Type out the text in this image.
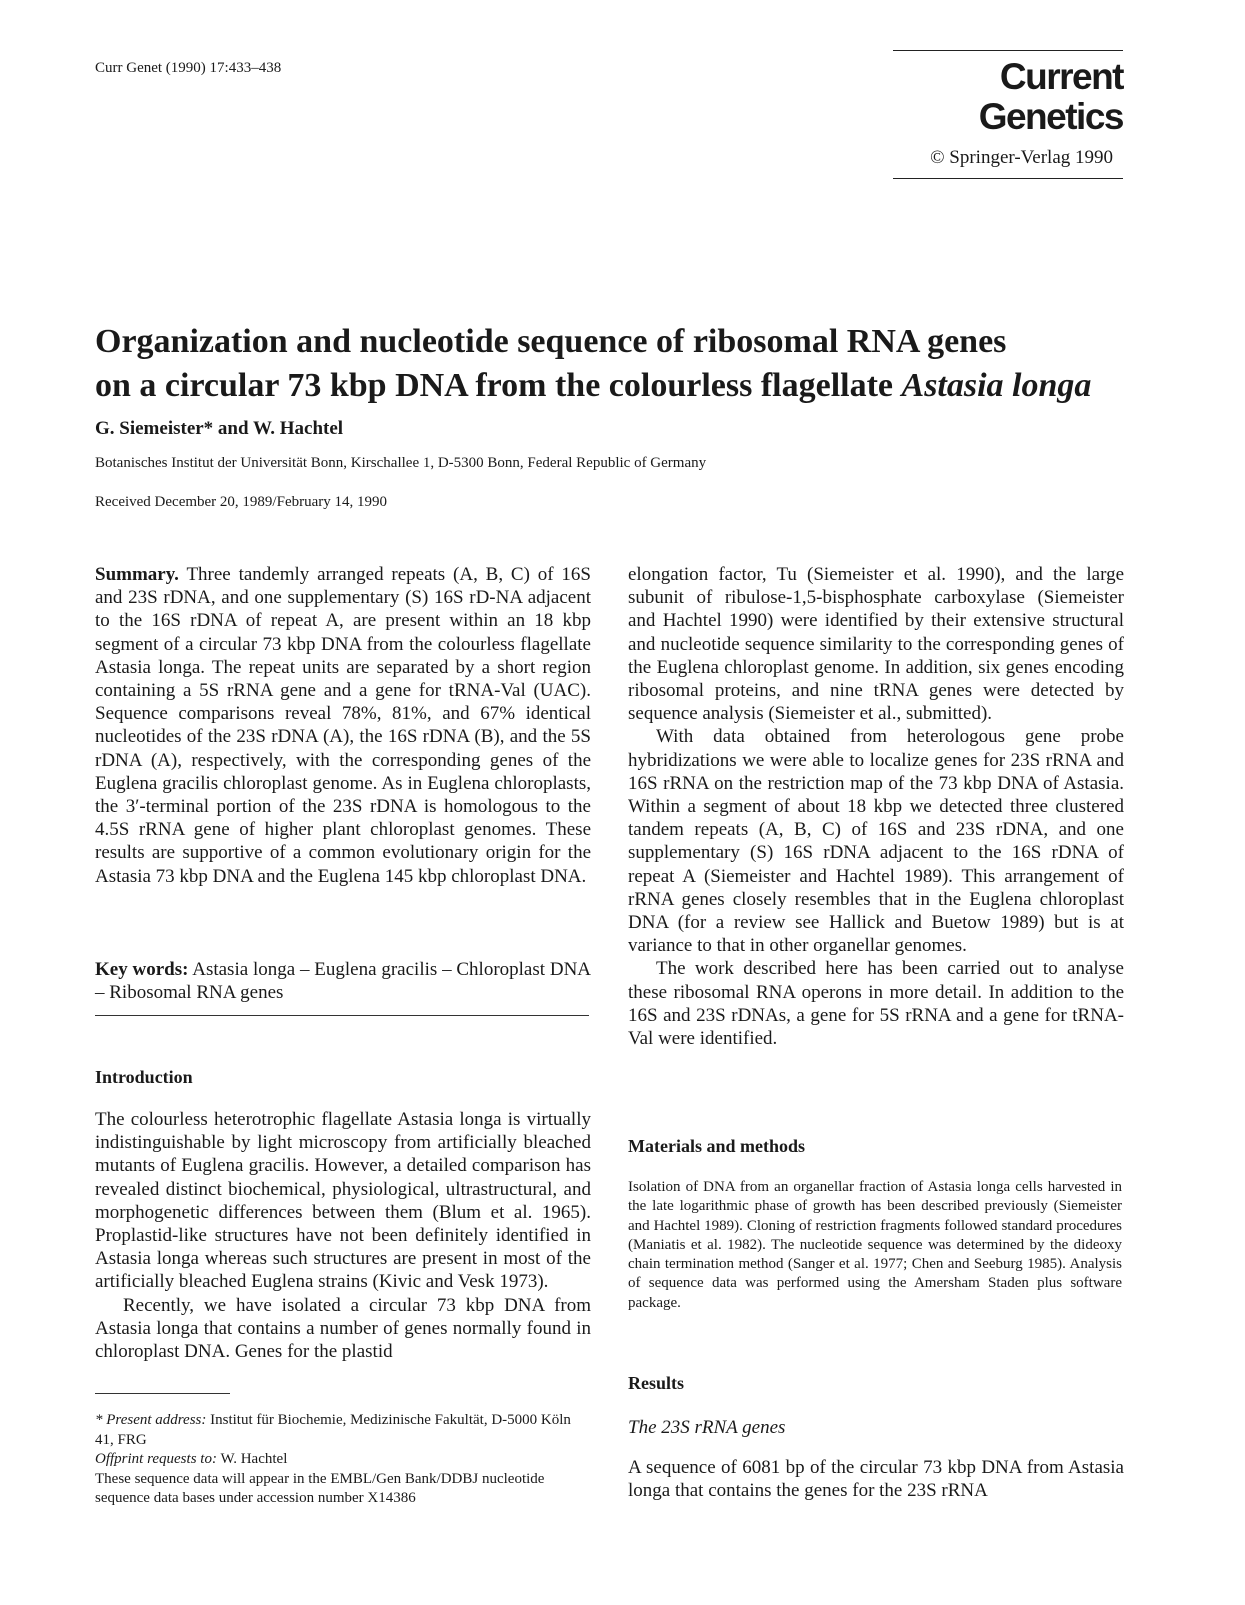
Curr Genet (1990) 17:433–438	Current Genetics
© Springer-Verlag 1990
Organization and nucleotide sequence of ribosomal RNA genes
on a circular 73 kbp DNA from the colourless flagellate Astasia longa
G. Siemeister* and W. Hachtel
Botanisches Institut der Universität Bonn, Kirschallee 1, D-5300 Bonn, Federal Republic of Germany
Received December 20, 1989/February 14, 1990

Summary. Three tandemly arranged repeats (A, B, C) of 16S and 23S rDNA, and one supplementary (S) 16S rD-NA adjacent to the 16S rDNA of repeat A, are present within an 18 kbp segment of a circular 73 kbp DNA from the colourless flagellate Astasia longa. The repeat units are separated by a short region containing a 5S rRNA gene and a gene for tRNA-Val (UAC). Sequence comparisons reveal 78%, 81%, and 67% identical nucleotides of the 23S rDNA (A), the 16S rDNA (B), and the 5S rDNA (A), respectively, with the corresponding genes of the Euglena gracilis chloroplast genome. As in Euglena chloroplasts, the 3′-terminal portion of the 23S rDNA is homologous to the 4.5S rRNA gene of higher plant chloroplast genomes. These results are supportive of a common evolutionary origin for the Astasia 73 kbp DNA and the Euglena 145 kbp chloroplast DNA.

Key words: Astasia longa – Euglena gracilis – Chloroplast DNA – Ribosomal RNA genes

Introduction

The colourless heterotrophic flagellate Astasia longa is virtually indistinguishable by light microscopy from artificially bleached mutants of Euglena gracilis. However, a detailed comparison has revealed distinct biochemical, physiological, ultrastructural, and morphogenetic differences between them (Blum et al. 1965). Proplastid-like structures have not been definitely identified in Astasia longa whereas such structures are present in most of the artificially bleached Euglena strains (Kivic and Vesk 1973).

Recently, we have isolated a circular 73 kbp DNA from Astasia longa that contains a number of genes normally found in chloroplast DNA. Genes for the plastid

* Present address: Institut für Biochemie, Medizinische Fakultät, D-5000 Köln 41, FRG
Offprint requests to: W. Hachtel
These sequence data will appear in the EMBL/Gen Bank/DDBJ nucleotide sequence data bases under accession number X14386

elongation factor, Tu (Siemeister et al. 1990), and the large subunit of ribulose-1,5-bisphosphate carboxylase (Siemeister and Hachtel 1990) were identified by their extensive structural and nucleotide sequence similarity to the corresponding genes of the Euglena chloroplast genome. In addition, six genes encoding ribosomal proteins, and nine tRNA genes were detected by sequence analysis (Siemeister et al., submitted).

With data obtained from heterologous gene probe hybridizations we were able to localize genes for 23S rRNA and 16S rRNA on the restriction map of the 73 kbp DNA of Astasia. Within a segment of about 18 kbp we detected three clustered tandem repeats (A, B, C) of 16S and 23S rDNA, and one supplementary (S) 16S rDNA adjacent to the 16S rDNA of repeat A (Siemeister and Hachtel 1989). This arrangement of rRNA genes closely resembles that in the Euglena chloroplast DNA (for a review see Hallick and Buetow 1989) but is at variance to that in other organellar genomes.

The work described here has been carried out to analyse these ribosomal RNA operons in more detail. In addition to the 16S and 23S rDNAs, a gene for 5S rRNA and a gene for tRNA-Val were identified.

Materials and methods
Isolation of DNA from an organellar fraction of Astasia longa cells harvested in the late logarithmic phase of growth has been described previously (Siemeister and Hachtel 1989). Cloning of restriction fragments followed standard procedures (Maniatis et al. 1982). The nucleotide sequence was determined by the dideoxy chain termination method (Sanger et al. 1977; Chen and Seeburg 1985). Analysis of sequence data was performed using the Amersham Staden plus software package.
Results
The 23S rRNA genes
A sequence of 6081 bp of the circular 73 kbp DNA from Astasia longa that contains the genes for the 23S rRNA
